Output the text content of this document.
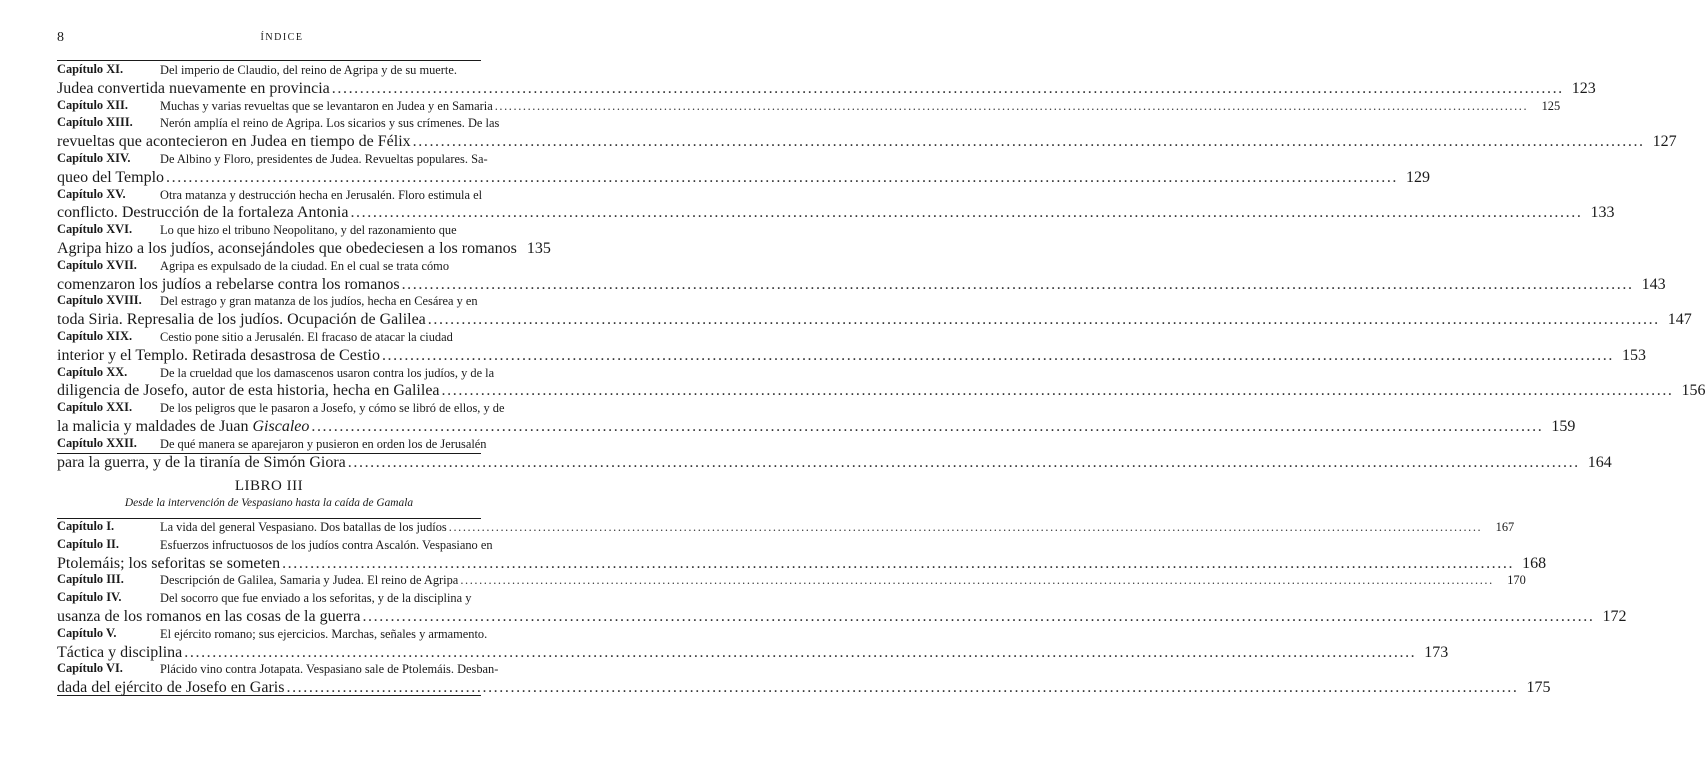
8	ÍNDICE
Capítulo XI.	Del imperio de Claudio, del reino de Agripa y de su muerte.
Judea convertida nuevamente en provincia ............................................................................................................................................................................................................................ 123
Capítulo XII.	Muchas y varias revueltas que se levantaron en Judea y en Samaria ............................................................................................................................................................................................................................	125
Capítulo XIII.	Nerón amplía el reino de Agripa. Los sicarios y sus crímenes. De las
revueltas que acontecieron en Judea en tiempo de Félix ............................................................................................................................................................................................................................ 127
Capítulo XIV.	De Albino y Floro, presidentes de Judea. Revueltas populares. Sa-
queo del Templo ............................................................................................................................................................................................................................ 129
Capítulo XV.	Otra matanza y destrucción hecha en Jerusalén. Floro estimula el
conflicto. Destrucción de la fortaleza Antonia ............................................................................................................................................................................................................................ 133
Capítulo XVI.	Lo que hizo el tribuno Neopolitano, y del razonamiento que
Agripa hizo a los judíos, aconsejándoles que obedeciesen a los romanos 135
Capítulo XVII.	Agripa es expulsado de la ciudad. En el cual se trata cómo
comenzaron los judíos a rebelarse contra los romanos ............................................................................................................................................................................................................................ 143
Capítulo XVIII.	Del estrago y gran matanza de los judíos, hecha en Cesárea y en
toda Siria. Represalia de los judíos. Ocupación de Galilea ............................................................................................................................................................................................................................ 147
Capítulo XIX.	Cestio pone sitio a Jerusalén. El fracaso de atacar la ciudad
interior y el Templo. Retirada desastrosa de Cestio ............................................................................................................................................................................................................................ 153
Capítulo XX.	De la crueldad que los damascenos usaron contra los judíos, y de la
diligencia de Josefo, autor de esta historia, hecha en Galilea ............................................................................................................................................................................................................................ 156
Capítulo XXI.	De los peligros que le pasaron a Josefo, y cómo se libró de ellos, y de
la malicia y maldades de Juan Giscaleo ............................................................................................................................................................................................................................ 159
Capítulo XXII.	De qué manera se aparejaron y pusieron en orden los de Jerusalén
para la guerra, y de la tiranía de Simón Giora ............................................................................................................................................................................................................................ 164
LIBRO III
Desde la intervención de Vespasiano hasta la caída de Gamala
Capítulo I.	La vida del general Vespasiano. Dos batallas de los judíos ............................................................................................................................................................................................................................	167
Capítulo II.	Esfuerzos infructuosos de los judíos contra Ascalón. Vespasiano en
Ptolemáis; los seforitas se someten ............................................................................................................................................................................................................................ 168
Capítulo III.	Descripción de Galilea, Samaria y Judea. El reino de Agripa ............................................................................................................................................................................................................................	170
Capítulo IV.	Del socorro que fue enviado a los seforitas, y de la disciplina y
usanza de los romanos en las cosas de la guerra ............................................................................................................................................................................................................................ 172
Capítulo V.	El ejército romano; sus ejercicios. Marchas, señales y armamento.
Táctica y disciplina ............................................................................................................................................................................................................................ 173
Capítulo VI.	Plácido vino contra Jotapata. Vespasiano sale de Ptolemáis. Desban-
dada del ejército de Josefo en Garis ............................................................................................................................................................................................................................ 175
